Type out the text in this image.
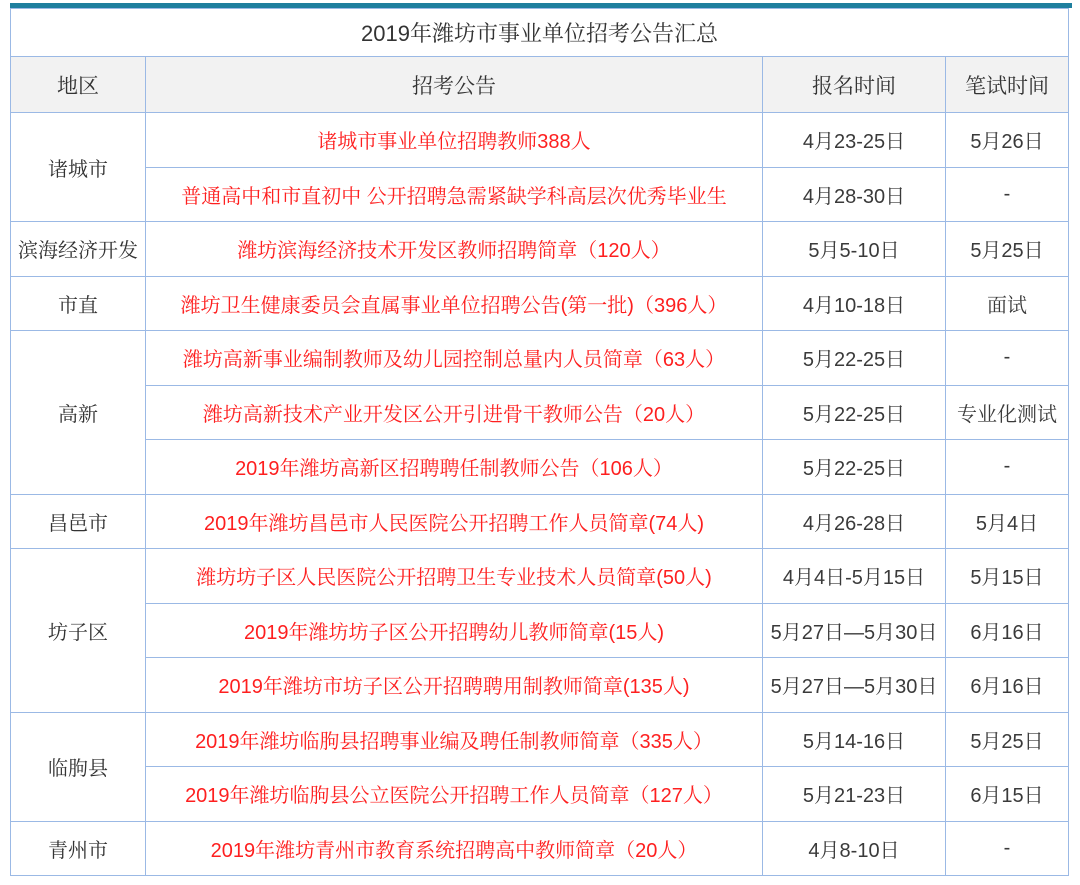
2019年潍坊市事业单位招考公告汇总			
地区	招考公告	报名时间	笔试时间
诸城市	诸城市事业单位招聘教师388人	4月23-25日	5月26日
	普通高中和市直初中 公开招聘急需紧缺学科高层次优秀毕业生	4月28-30日	-
滨海经济开发	潍坊滨海经济技术开发区教师招聘简章（120人）	5月5-10日	5月25日
市直	潍坊卫生健康委员会直属事业单位招聘公告(第一批)（396人）	4月10-18日	面试
高新	潍坊高新事业编制教师及幼儿园控制总量内人员简章（63人）	5月22-25日	-
	潍坊高新技术产业开发区公开引进骨干教师公告（20人）	5月22-25日	专业化测试
	2019年潍坊高新区招聘聘任制教师公告（106人）	5月22-25日	-
昌邑市	2019年潍坊昌邑市人民医院公开招聘工作人员简章(74人)	4月26-28日	5月4日
坊子区	潍坊坊子区人民医院公开招聘卫生专业技术人员简章(50人)	4月4日-5月15日	5月15日
	2019年潍坊坊子区公开招聘幼儿教师简章(15人)	5月27日—5月30日	6月16日
	2019年潍坊市坊子区公开招聘聘用制教师简章(135人)	5月27日—5月30日	6月16日
临朐县	2019年潍坊临朐县招聘事业编及聘任制教师简章（335人）	5月14-16日	5月25日
	2019年潍坊临朐县公立医院公开招聘工作人员简章（127人）	5月21-23日	6月15日
青州市	2019年潍坊青州市教育系统招聘高中教师简章（20人）	4月8-10日	-
